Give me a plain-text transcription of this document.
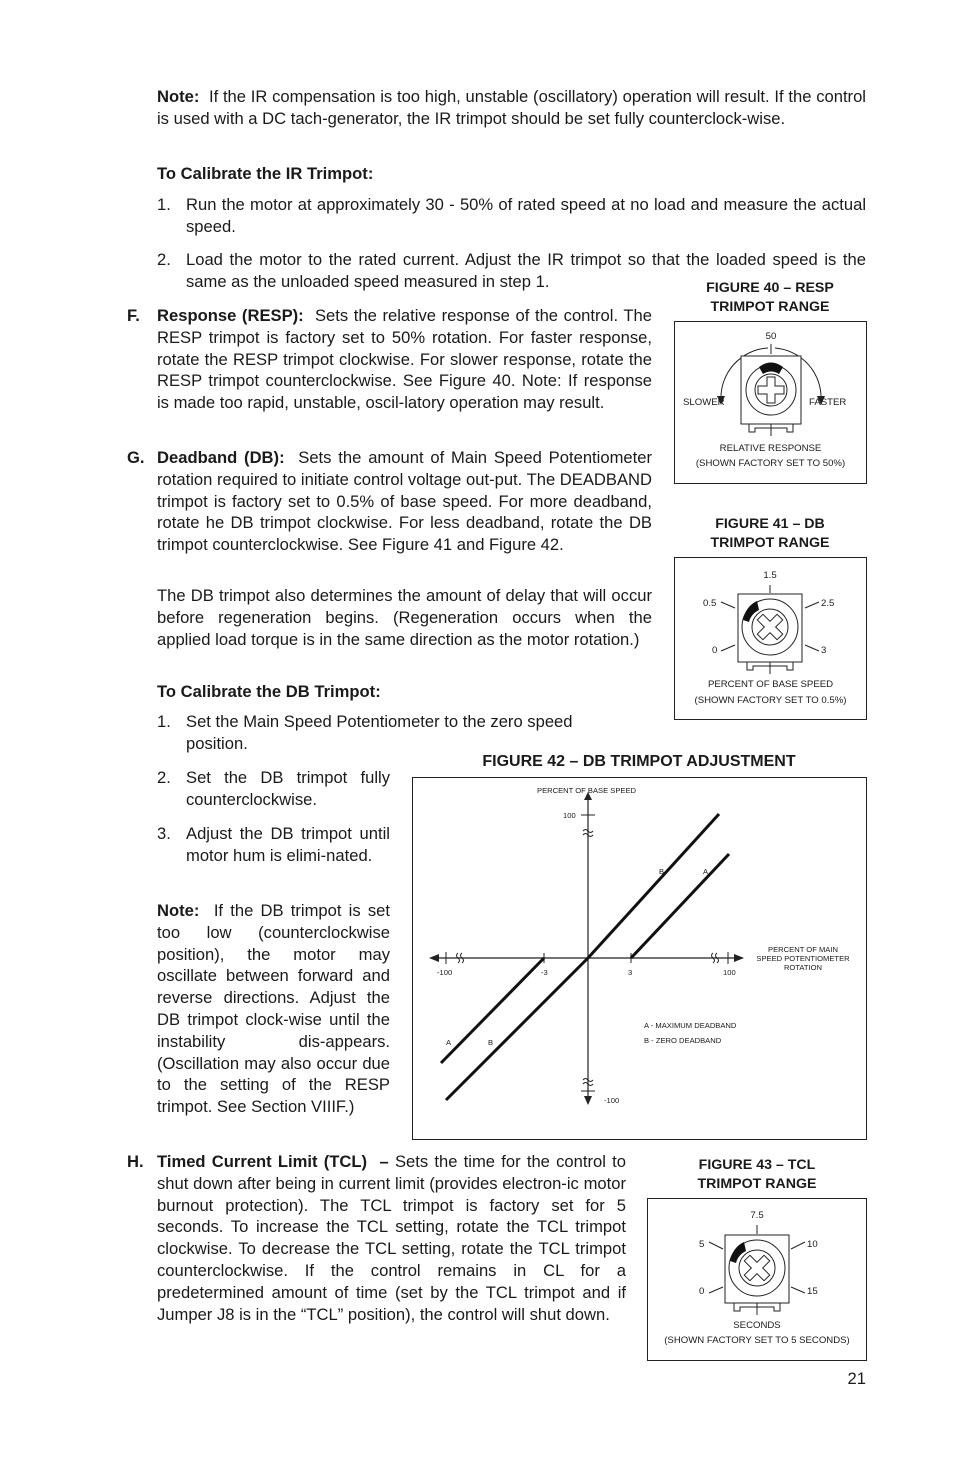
Note: If the IR compensation is too high, unstable (oscillatory) operation will result. If the control is used with a DC tach-generator, the IR trimpot should be set fully counterclock-wise.
To Calibrate the IR Trimpot:
1. Run the motor at approximately 30 - 50% of rated speed at no load and measure the actual speed.
2. Load the motor to the rated current. Adjust the IR trimpot so that the loaded speed is the same as the unloaded speed measured in step 1.
F. Response (RESP): Sets the relative response of the control. The RESP trimpot is factory set to 50% rotation. For faster response, rotate the RESP trimpot clockwise. For slower response, rotate the RESP trimpot counterclockwise. See Figure 40. Note: If response is made too rapid, unstable, oscil-latory operation may result.
G. Deadband (DB): Sets the amount of Main Speed Potentiometer rotation required to initiate control voltage out-put. The DEADBAND trimpot is factory set to 0.5% of base speed. For more deadband, rotate he DB trimpot clockwise. For less deadband, rotate the DB trimpot counterclockwise. See Figure 41 and Figure 42.
The DB trimpot also determines the amount of delay that will occur before regeneration begins. (Regeneration occurs when the applied load torque is in the same direction as the motor rotation.)
To Calibrate the DB Trimpot:
1. Set the Main Speed Potentiometer to the zero speed position.
2. Set the DB trimpot fully counterclockwise.
3. Adjust the DB trimpot until motor hum is elimi-nated.
Note: If the DB trimpot is set too low (counterclockwise position), the motor may oscillate between forward and reverse directions. Adjust the DB trimpot clock-wise until the instability dis-appears. (Oscillation may also occur due to the setting of the RESP trimpot. See Section VIIIF.)
H. Timed Current Limit (TCL) – Sets the time for the control to shut down after being in current limit (provides electron-ic motor burnout protection). The TCL trimpot is factory set for 5 seconds. To increase the TCL setting, rotate the TCL trimpot clockwise. To decrease the TCL setting, rotate the TCL trimpot counterclockwise. If the control remains in CL for a predetermined amount of time (set by the TCL trimpot and if Jumper J8 is in the “TCL” position), the control will shut down.
FIGURE 40 – RESP
TRIMPOT RANGE
50
SLOWER	FASTER
RELATIVE RESPONSE
(SHOWN FACTORY SET TO 50%)
FIGURE 41 – DB
TRIMPOT RANGE
1.5
0.5	2.5
0	3
PERCENT OF BASE SPEED
(SHOWN FACTORY SET TO 0.5%)
FIGURE 42 – DB TRIMPOT ADJUSTMENT
PERCENT OF BASE SPEED
100
-100
-100	-3	3	100
PERCENT OF MAIN
SPEED POTENTIOMETER
ROTATION
B	A
A	B
A - MAXIMUM DEADBAND
B - ZERO DEADBAND
FIGURE 43 – TCL
TRIMPOT RANGE
7.5
5	10
0	15
SECONDS
(SHOWN FACTORY SET TO 5 SECONDS)
21
